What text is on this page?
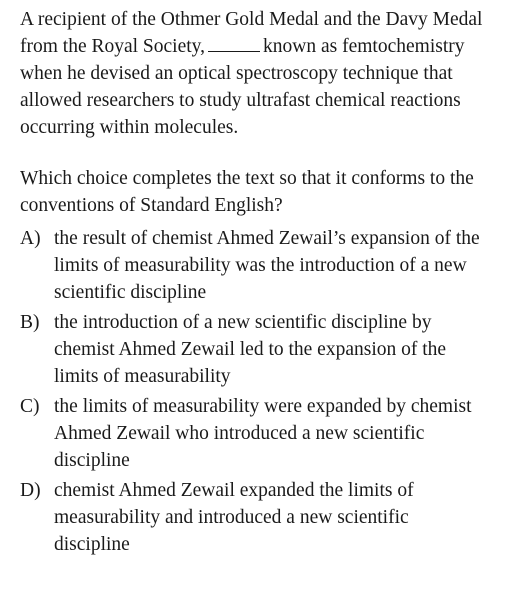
A recipient of the Othmer Gold Medal and the Davy Medal from the Royal Society,	known as femtochemistry when he devised an optical spectroscopy technique that allowed researchers to study ultrafast chemical reactions occurring within molecules.

Which choice completes the text so that it conforms to the conventions of Standard English?

A) the result of chemist Ahmed Zewail’s expansion of the limits of measurability was the introduction of a new scientific discipline
B) the introduction of a new scientific discipline by chemist Ahmed Zewail led to the expansion of the limits of measurability
C) the limits of measurability were expanded by chemist Ahmed Zewail who introduced a new scientific discipline
D) chemist Ahmed Zewail expanded the limits of measurability and introduced a new scientific discipline
